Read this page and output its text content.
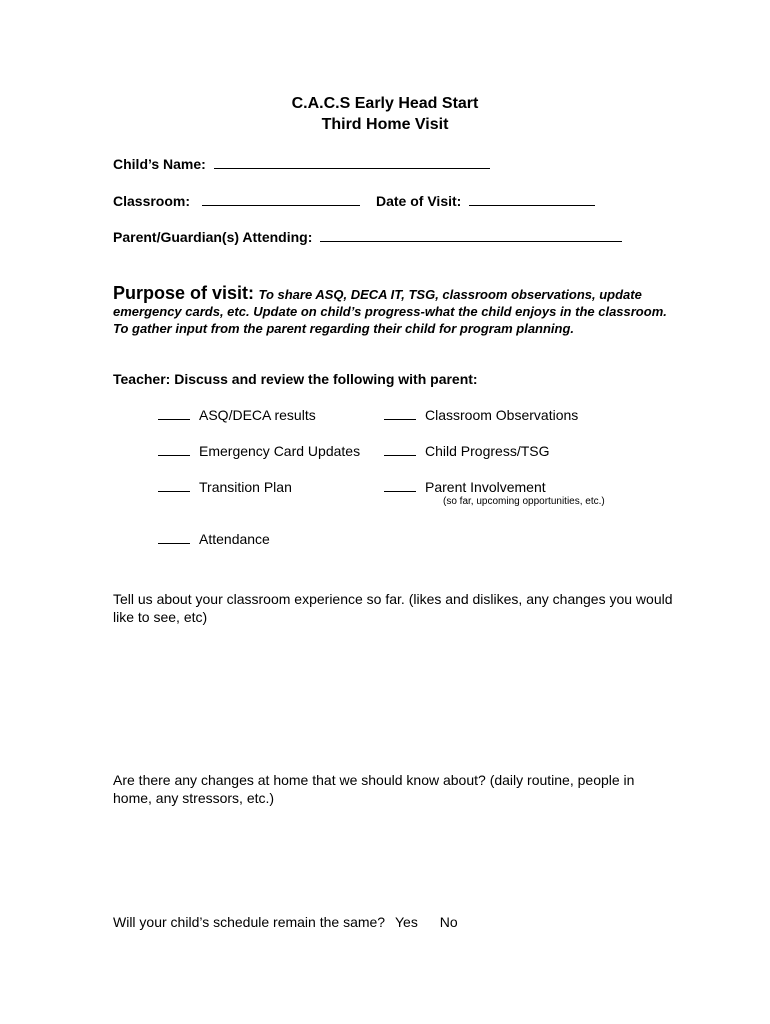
C.A.C.S Early Head Start
Third Home Visit
Child’s Name:
Classroom:	Date of Visit:
Parent/Guardian(s) Attending:
Purpose of visit: To share ASQ, DECA IT, TSG, classroom observations, update emergency cards, etc. Update on child’s progress-what the child enjoys in the classroom. To gather input from the parent regarding their child for program planning.
Teacher: Discuss and review the following with parent:
ASQ/DECA results	Classroom Observations
Emergency Card Updates	Child Progress/TSG
Transition Plan	Parent Involvement
(so far, upcoming opportunities, etc.)
Attendance
Tell us about your classroom experience so far. (likes and dislikes, any changes you would like to see, etc)
Are there any changes at home that we should know about? (daily routine, people in home, any stressors, etc.)
Will your child’s schedule remain the same? Yes No
